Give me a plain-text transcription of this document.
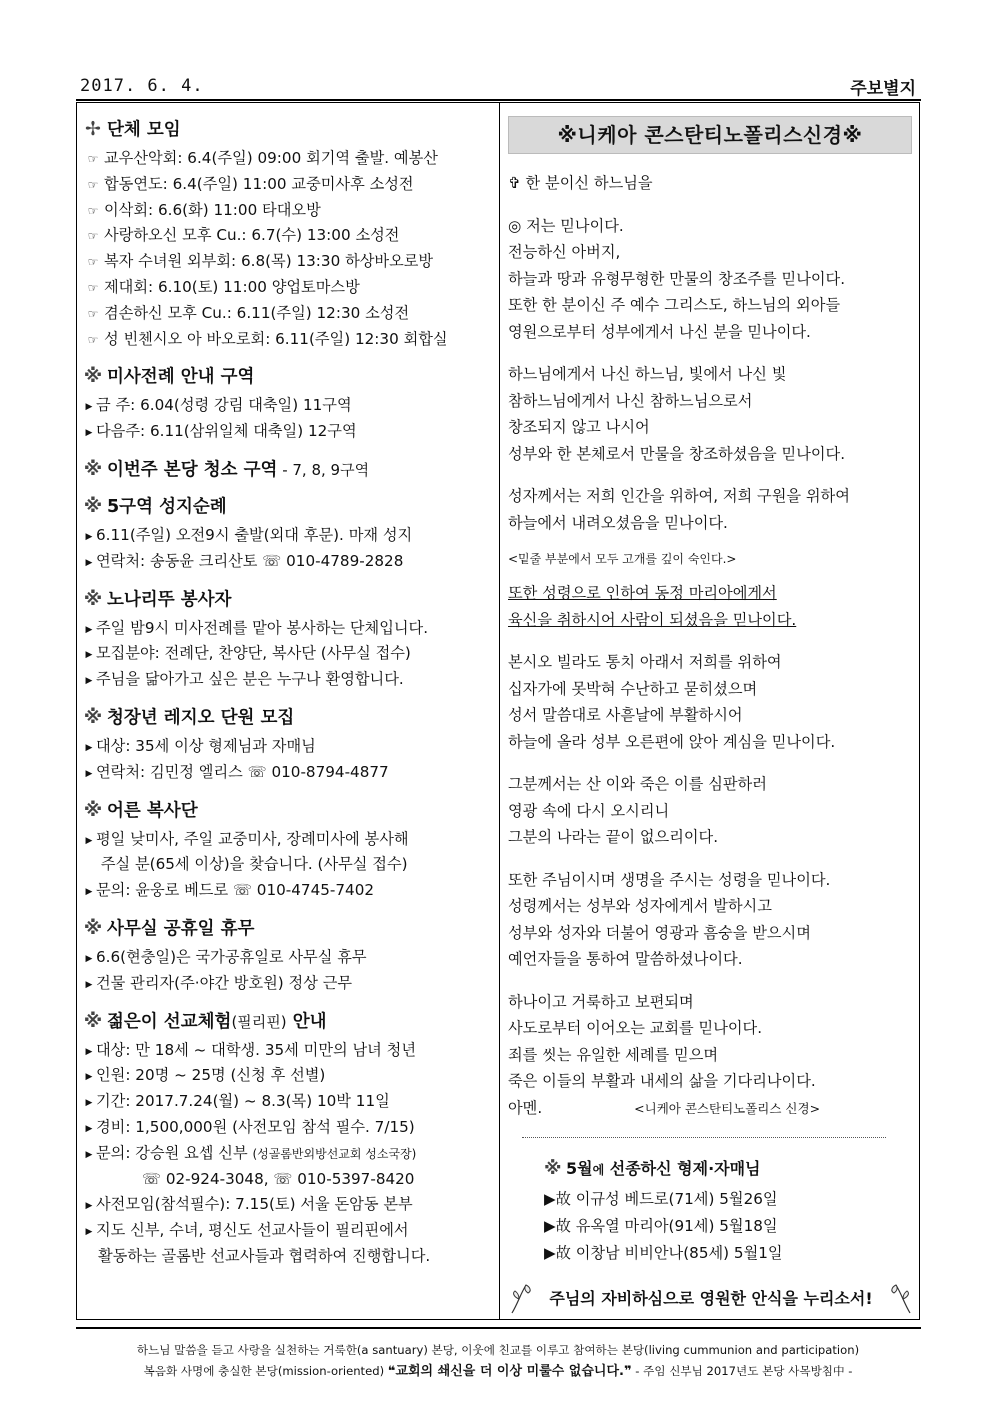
2017. 6. 4.	주보별지
✢ 단체 모임
☞ 교우산악회: 6.4(주일) 09:00 회기역 출발. 예봉산
☞ 합동연도: 6.4(주일) 11:00 교중미사후 소성전
☞ 이삭회: 6.6(화) 11:00 타대오방
☞ 사랑하오신 모후 Cu.: 6.7(수) 13:00 소성전
☞ 복자 수녀원 외부회: 6.8(목) 13:30 하상바오로방
☞ 제대회: 6.10(토) 11:00 양업토마스방
☞ 겸손하신 모후 Cu.: 6.11(주일) 12:30 소성전
☞ 성 빈첸시오 아 바오로회: 6.11(주일) 12:30 회합실
※ 미사전례 안내 구역
▶ 금 주: 6.04(성령 강림 대축일) 11구역
▶ 다음주: 6.11(삼위일체 대축일) 12구역
※ 이번주 본당 청소 구역 - 7, 8, 9구역
※ 5구역 성지순례
▶ 6.11(주일) 오전9시 출발(외대 후문). 마재 성지
▶ 연락처: 송동윤 크리산토 ☏ 010-4789-2828
※ 노나리뚜 봉사자
▶ 주일 밤9시 미사전례를 맡아 봉사하는 단체입니다.
▶ 모집분야: 전례단, 찬양단, 복사단 (사무실 접수)
▶ 주님을 닮아가고 싶은 분은 누구나 환영합니다.
※ 청장년 레지오 단원 모집
▶ 대상: 35세 이상 형제님과 자매님
▶ 연락처: 김민정 엘리스 ☏ 010-8794-4877
※ 어른 복사단
▶ 평일 낮미사, 주일 교중미사, 장례미사에 봉사해
주실 분(65세 이상)을 찾습니다. (사무실 접수)
▶ 문의: 윤웅로 베드로 ☏ 010-4745-7402
※ 사무실 공휴일 휴무
▶ 6.6(현충일)은 국가공휴일로 사무실 휴무
▶ 건물 관리자(주·야간 방호원) 정상 근무
※ 젊은이 선교체험(필리핀) 안내
▶ 대상: 만 18세 ~ 대학생. 35세 미만의 남녀 청년
▶ 인원: 20명 ~ 25명 (신청 후 선별)
▶ 기간: 2017.7.24(월) ~ 8.3(목) 10박 11일
▶ 경비: 1,500,000원 (사전모임 참석 필수. 7/15)
▶ 문의: 강승원 요셉 신부 (성골롬반외방선교회 성소국장)
☏ 02-924-3048, ☏ 010-5397-8420
▶ 사전모임(참석필수): 7.15(토) 서울 돈암동 본부
▶ 지도 신부, 수녀, 평신도 선교사들이 필리핀에서
활동하는 골롬반 선교사들과 협력하여 진행합니다.
※니케아 콘스탄티노폴리스신경※
✞ 한 분이신 하느님을
◎ 저는 믿나이다.
전능하신 아버지,
하늘과 땅과 유형무형한 만물의 창조주를 믿나이다.
또한 한 분이신 주 예수 그리스도, 하느님의 외아들
영원으로부터 성부에게서 나신 분을 믿나이다.
하느님에게서 나신 하느님, 빛에서 나신 빛
참하느님에게서 나신 참하느님으로서
창조되지 않고 나시어
성부와 한 본체로서 만물을 창조하셨음을 믿나이다.
성자께서는 저희 인간을 위하여, 저희 구원을 위하여
하늘에서 내려오셨음을 믿나이다.
<밑줄 부분에서 모두 고개를 깊이 숙인다.>
또한 성령으로 인하여 동정 마리아에게서
육신을 취하시어 사람이 되셨음을 믿나이다.
본시오 빌라도 통치 아래서 저희를 위하여
십자가에 못박혀 수난하고 묻히셨으며
성서 말씀대로 사흗날에 부활하시어
하늘에 올라 성부 오른편에 앉아 계심을 믿나이다.
그분께서는 산 이와 죽은 이를 심판하러
영광 속에 다시 오시리니
그분의 나라는 끝이 없으리이다.
또한 주님이시며 생명을 주시는 성령을 믿나이다.
성령께서는 성부와 성자에게서 발하시고
성부와 성자와 더불어 영광과 흠숭을 받으시며
예언자들을 통하여 말씀하셨나이다.
하나이고 거룩하고 보편되며
사도로부터 이어오는 교회를 믿나이다.
죄를 씻는 유일한 세례를 믿으며
죽은 이들의 부활과 내세의 삶을 기다리나이다.
아멘.	<니케아 콘스탄티노폴리스 신경>
※ 5월에 선종하신 형제·자매님
▶故 이규성 베드로(71세) 5월26일
▶故 유옥열 마리아(91세) 5월18일
▶故 이창남 비비안나(85세) 5월1일
주님의 자비하심으로 영원한 안식을 누리소서!
하느님 말씀을 듣고 사랑을 실천하는 거룩한(a santuary) 본당, 이웃에 친교를 이루고 참여하는 본당(living cummunion and participation)
복음화 사명에 충실한 본당(mission-oriented) ❝교회의 쇄신을 더 이상 미룰수 없습니다.❞ - 주임 신부님 2017년도 본당 사목방침中 -
